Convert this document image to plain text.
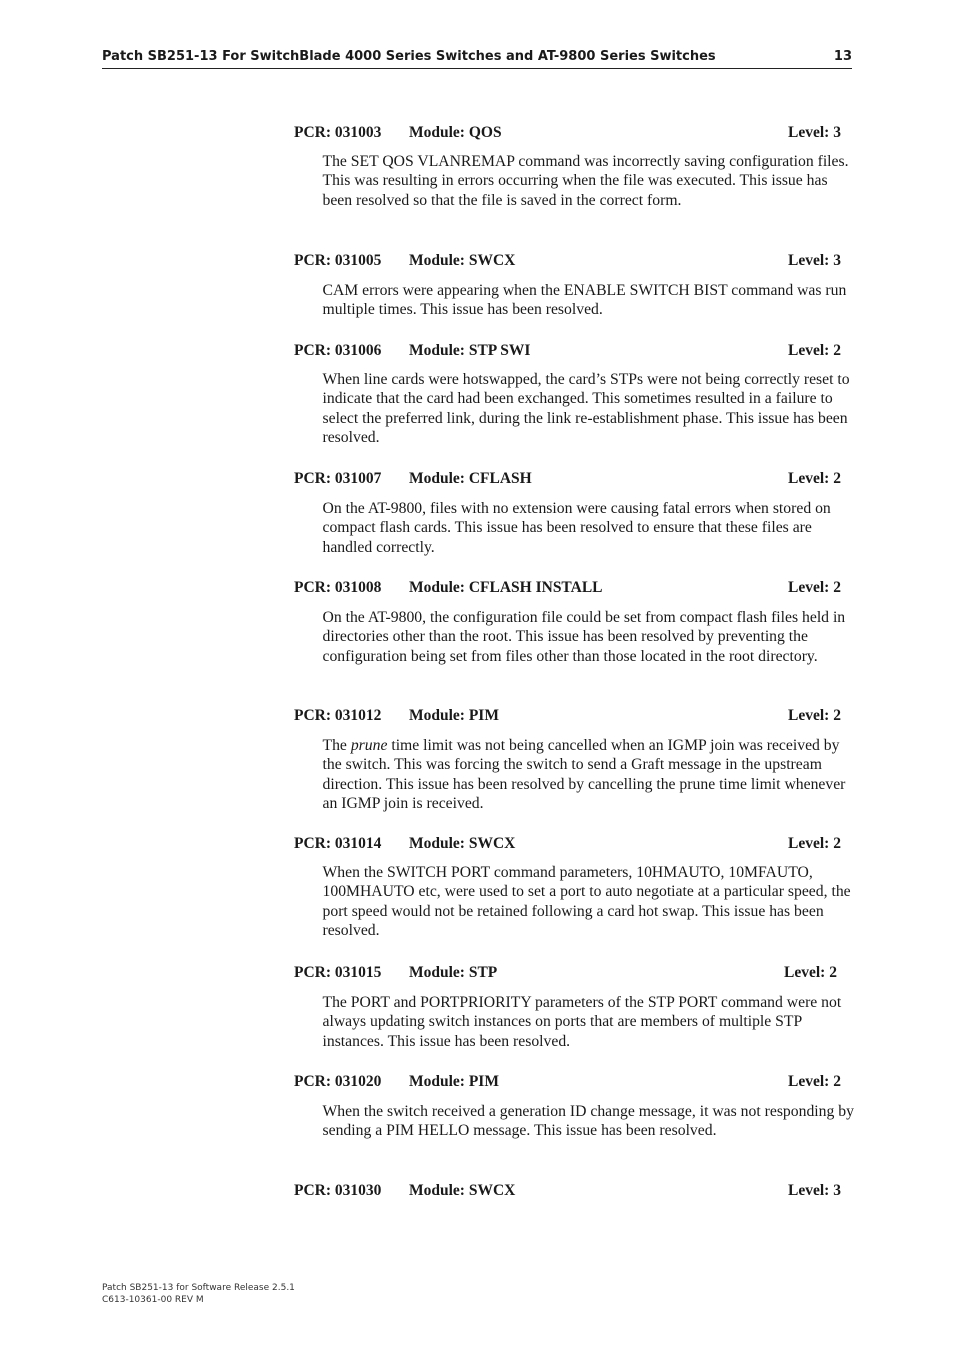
Patch SB251-13 For SwitchBlade 4000 Series Switches and AT-9800 Series Switches	13
PCR: 031003 Module: QOS	Level: 3

The SET QOS VLANREMAP command was incorrectly saving configuration files. This was resulting in errors occurring when the file was executed. This issue has been resolved so that the file is saved in the correct form.

PCR: 031005 Module: SWCX	Level: 3

CAM errors were appearing when the ENABLE SWITCH BIST command was run multiple times. This issue has been resolved.

PCR: 031006 Module: STP SWI	Level: 2

When line cards were hotswapped, the card’s STPs were not being correctly reset to indicate that the card had been exchanged. This sometimes resulted in a failure to select the preferred link, during the link re-establishment phase. This issue has been resolved.

PCR: 031007 Module: CFLASH	Level: 2

On the AT-9800, files with no extension were causing fatal errors when stored on compact flash cards. This issue has been resolved to ensure that these files are handled correctly.

PCR: 031008 Module: CFLASH INSTALL	Level: 2

On the AT-9800, the configuration file could be set from compact flash files held in directories other than the root. This issue has been resolved by preventing the configuration being set from files other than those located in the root directory.

PCR: 031012 Module: PIM	Level: 2

The prune time limit was not being cancelled when an IGMP join was received by the switch. This was forcing the switch to send a Graft message in the upstream direction. This issue has been resolved by cancelling the prune time limit whenever an IGMP join is received.

PCR: 031014 Module: SWCX	Level: 2

When the SWITCH PORT command parameters, 10HMAUTO, 10MFAUTO, 100MHAUTO etc, were used to set a port to auto negotiate at a particular speed, the port speed would not be retained following a card hot swap. This issue has been resolved.

PCR: 031015 Module: STP	Level: 2

The PORT and PORTPRIORITY parameters of the STP PORT command were not always updating switch instances on ports that are members of multiple STP instances. This issue has been resolved.

PCR: 031020 Module: PIM	Level: 2

When the switch received a generation ID change message, it was not responding by sending a PIM HELLO message. This issue has been resolved.

PCR: 031030 Module: SWCX	Level: 3
Patch SB251-13 for Software Release 2.5.1
C613-10361-00 REV M
